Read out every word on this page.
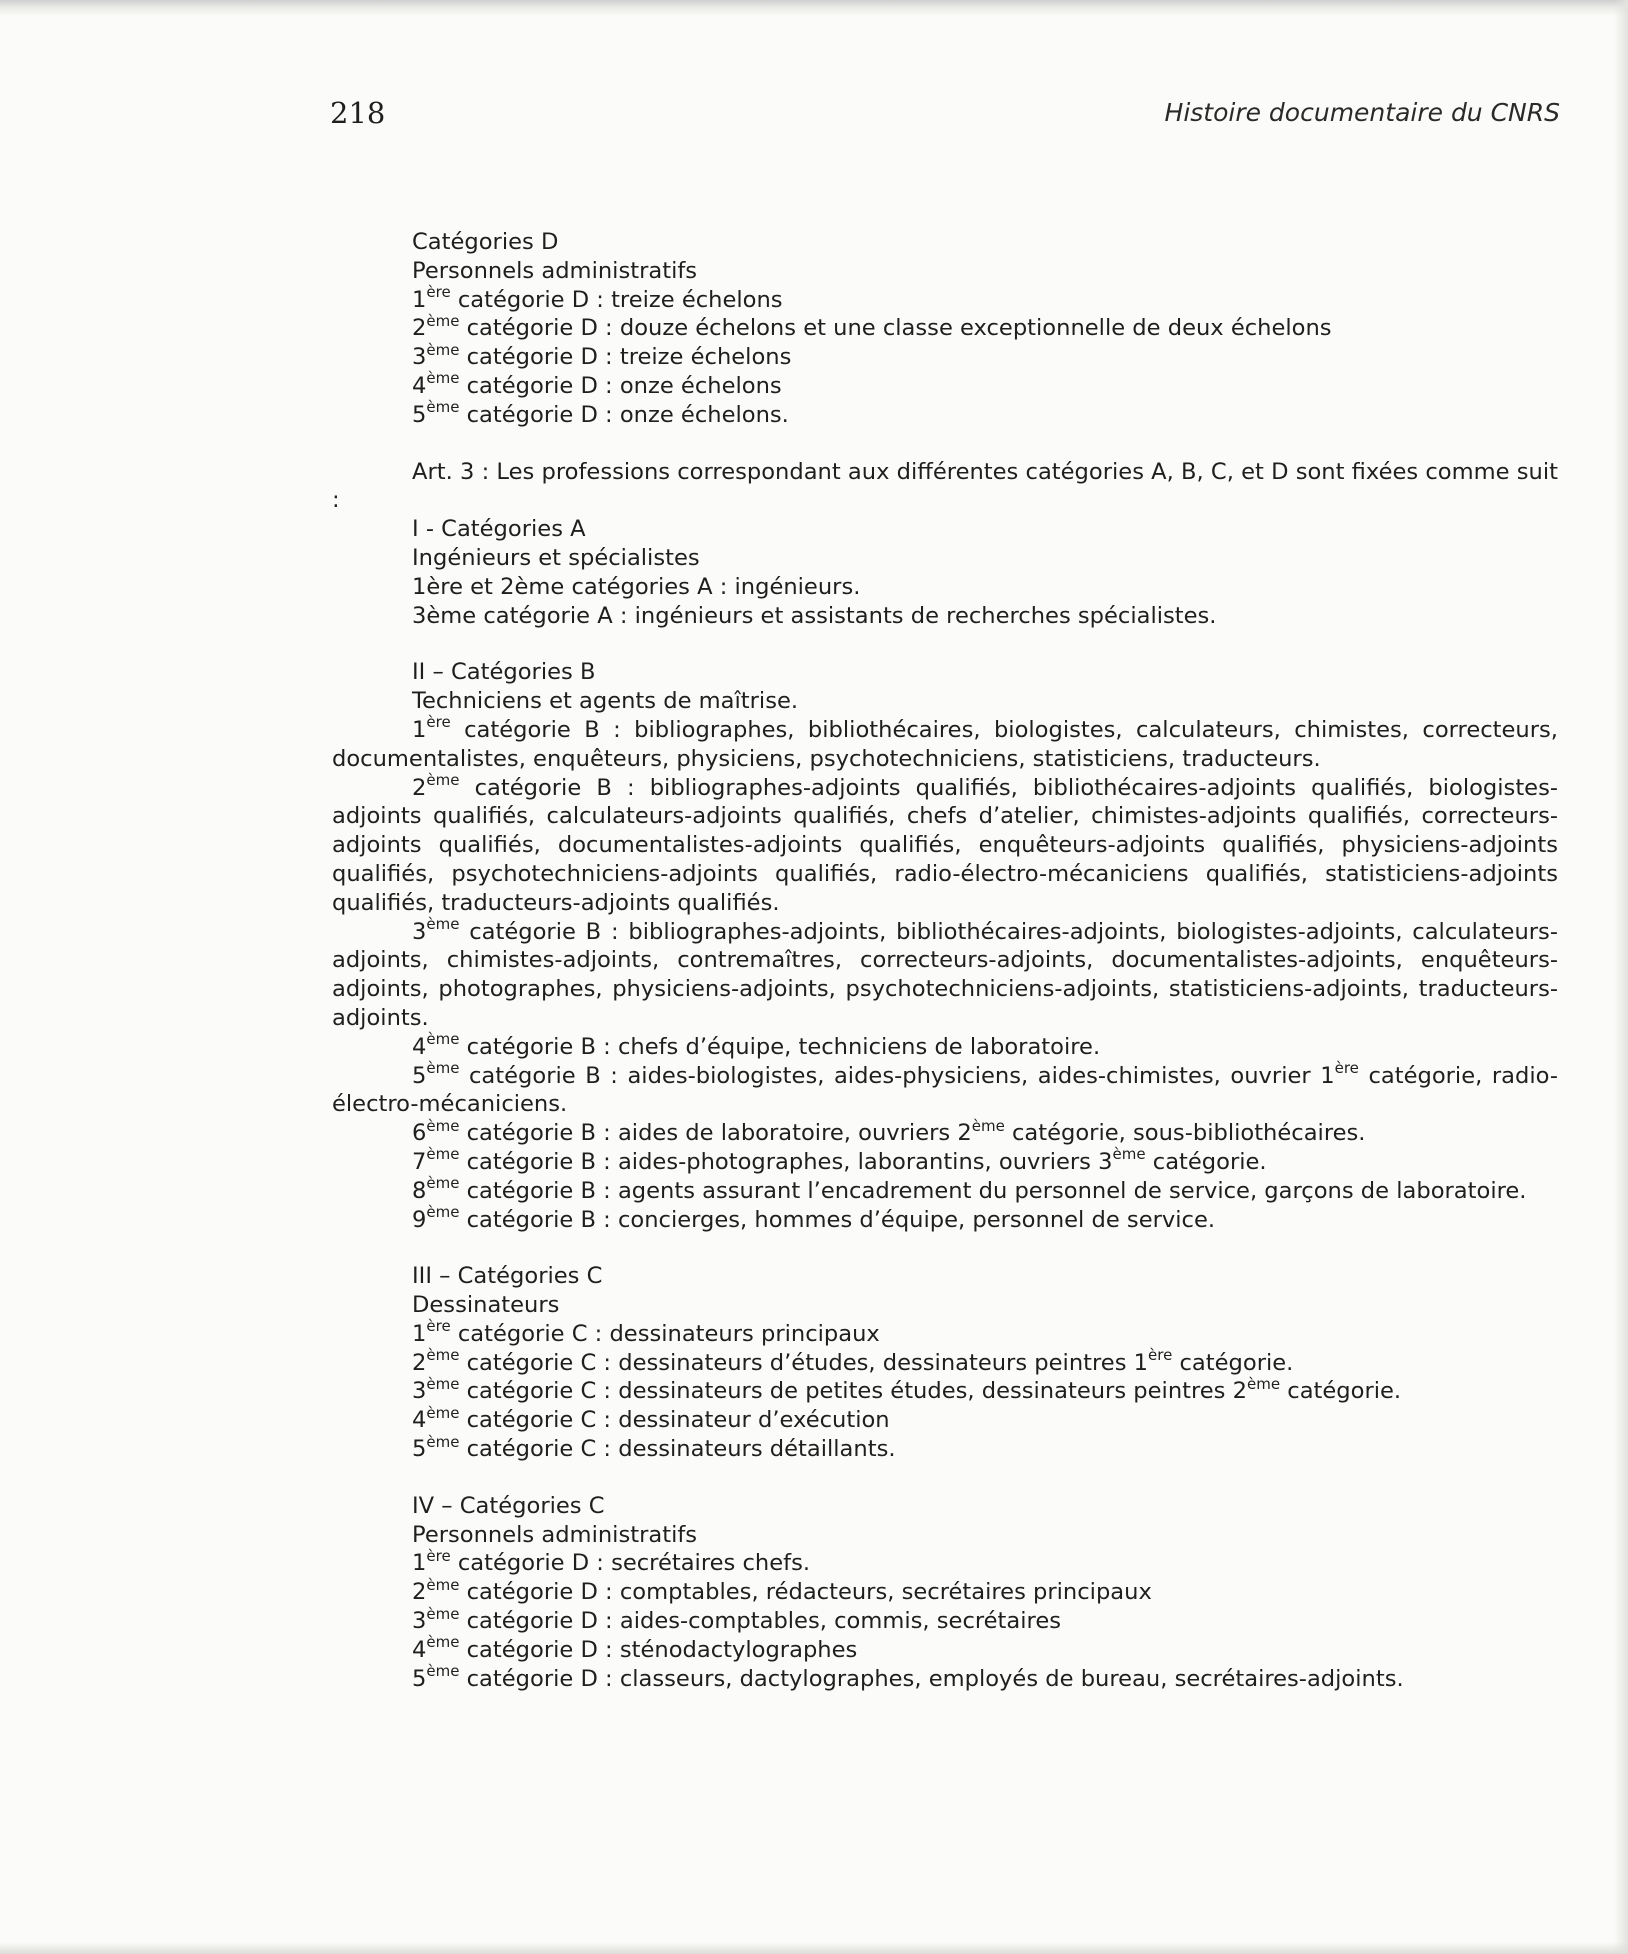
218	Histoire documentaire du CNRS

Catégories D

Personnels administratifs

1ère catégorie D : treize échelons

2ème catégorie D : douze échelons et une classe exceptionnelle de deux échelons

3ème catégorie D : treize échelons

4ème catégorie D : onze échelons

5ème catégorie D : onze échelons.

Art. 3 : Les professions correspondant aux différentes catégories A, B, C, et D sont fixées comme suit :

I - Catégories A

Ingénieurs et spécialistes

1ère et 2ème catégories A : ingénieurs.

3ème catégorie A : ingénieurs et assistants de recherches spécialistes.

II – Catégories B

Techniciens et agents de maîtrise.

1ère catégorie B : bibliographes, bibliothécaires, biologistes, calculateurs, chimistes, correcteurs, documentalistes, enquêteurs, physiciens, psychotechniciens, statisticiens, traducteurs.

2ème catégorie B : bibliographes-adjoints qualifiés, bibliothécaires-adjoints qualifiés, biologistes-adjoints qualifiés, calculateurs-adjoints qualifiés, chefs d’atelier, chimistes-adjoints qualifiés, correcteurs-adjoints qualifiés, documentalistes-adjoints qualifiés, enquêteurs-adjoints qualifiés, physiciens-adjoints qualifiés, psychotechniciens-adjoints qualifiés, radio-électro-mécaniciens qualifiés, statisticiens-adjoints qualifiés, traducteurs-adjoints qualifiés.

3ème catégorie B : bibliographes-adjoints, bibliothécaires-adjoints, biologistes-adjoints, calculateurs-adjoints, chimistes-adjoints, contremaîtres, correcteurs-adjoints, documentalistes-adjoints, enquêteurs-adjoints, photographes, physiciens-adjoints, psychotechniciens-adjoints, statisticiens-adjoints, traducteurs-adjoints.

4ème catégorie B : chefs d’équipe, techniciens de laboratoire.

5ème catégorie B : aides-biologistes, aides-physiciens, aides-chimistes, ouvrier 1ère catégorie, radio-électro-mécaniciens.

6ème catégorie B : aides de laboratoire, ouvriers 2ème catégorie, sous-bibliothécaires.

7ème catégorie B : aides-photographes, laborantins, ouvriers 3ème catégorie.

8ème catégorie B : agents assurant l’encadrement du personnel de service, garçons de laboratoire.

9ème catégorie B : concierges, hommes d’équipe, personnel de service.

III – Catégories C

Dessinateurs

1ère catégorie C : dessinateurs principaux

2ème catégorie C : dessinateurs d’études, dessinateurs peintres 1ère catégorie.

3ème catégorie C : dessinateurs de petites études, dessinateurs peintres 2ème catégorie.

4ème catégorie C : dessinateur d’exécution

5ème catégorie C : dessinateurs détaillants.

IV – Catégories C

Personnels administratifs

1ère catégorie D : secrétaires chefs.

2ème catégorie D : comptables, rédacteurs, secrétaires principaux

3ème catégorie D : aides-comptables, commis, secrétaires

4ème catégorie D : sténodactylographes

5ème catégorie D : classeurs, dactylographes, employés de bureau, secrétaires-adjoints.
